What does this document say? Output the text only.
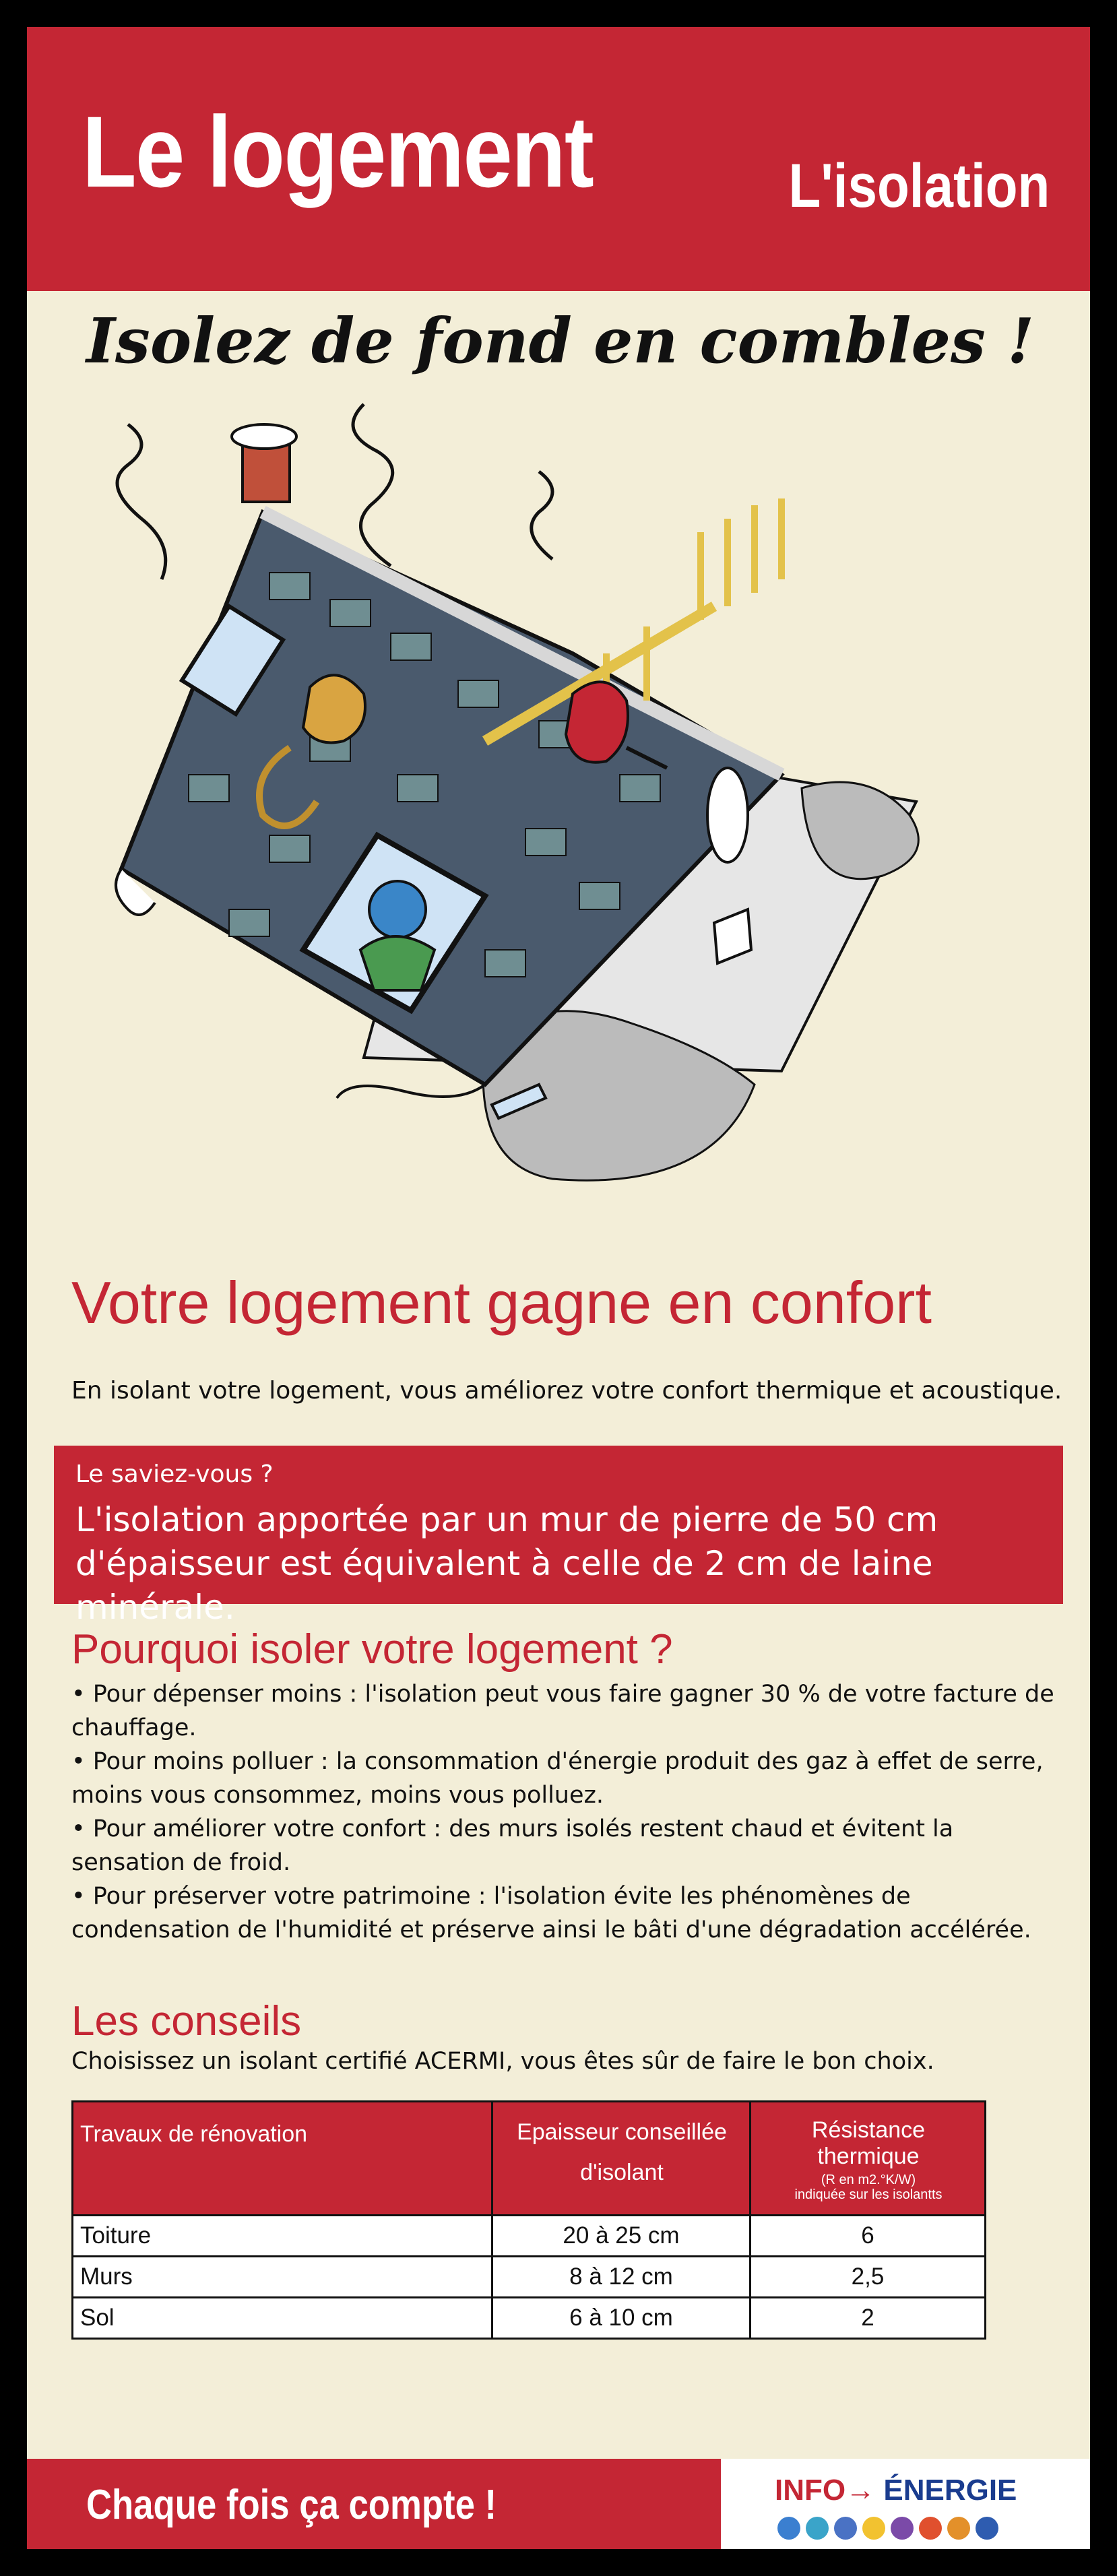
Le logement	L'isolation
Isolez de fond en combles !
Votre logement gagne en confort
En isolant votre logement, vous améliorez votre confort thermique et acoustique.
Le saviez-vous ?
L'isolation apportée par un mur de pierre de 50 cm d'épaisseur est équivalent à celle de 2 cm de laine minérale.
Pourquoi isoler votre logement ?

• Pour dépenser moins : l'isolation peut vous faire gagner 30 % de votre facture de chauffage.

• Pour moins polluer : la consommation d'énergie produit des gaz à effet de serre, moins vous consommez, moins vous polluez.

• Pour améliorer votre confort : des murs isolés restent chaud et évitent la sensation de froid.

• Pour préserver votre patrimoine : l'isolation évite les phénomènes de condensation de l'humidité et préserve ainsi le bâti d'une dégradation accélérée.

Les conseils
Choisissez un isolant certifié ACERMI, vous êtes sûr de faire le bon choix.
Travaux de rénovation	Epaisseur conseillée d'isolant	Résistance thermique
(R en m2.°K/W)
indiquée sur les isolantts

Toiture	20 à 25 cm	6
Murs	8 à 12 cm	2,5
Sol	6 à 10 cm	2
Chaque fois ça compte !	INFO→ ÉNERGIE
